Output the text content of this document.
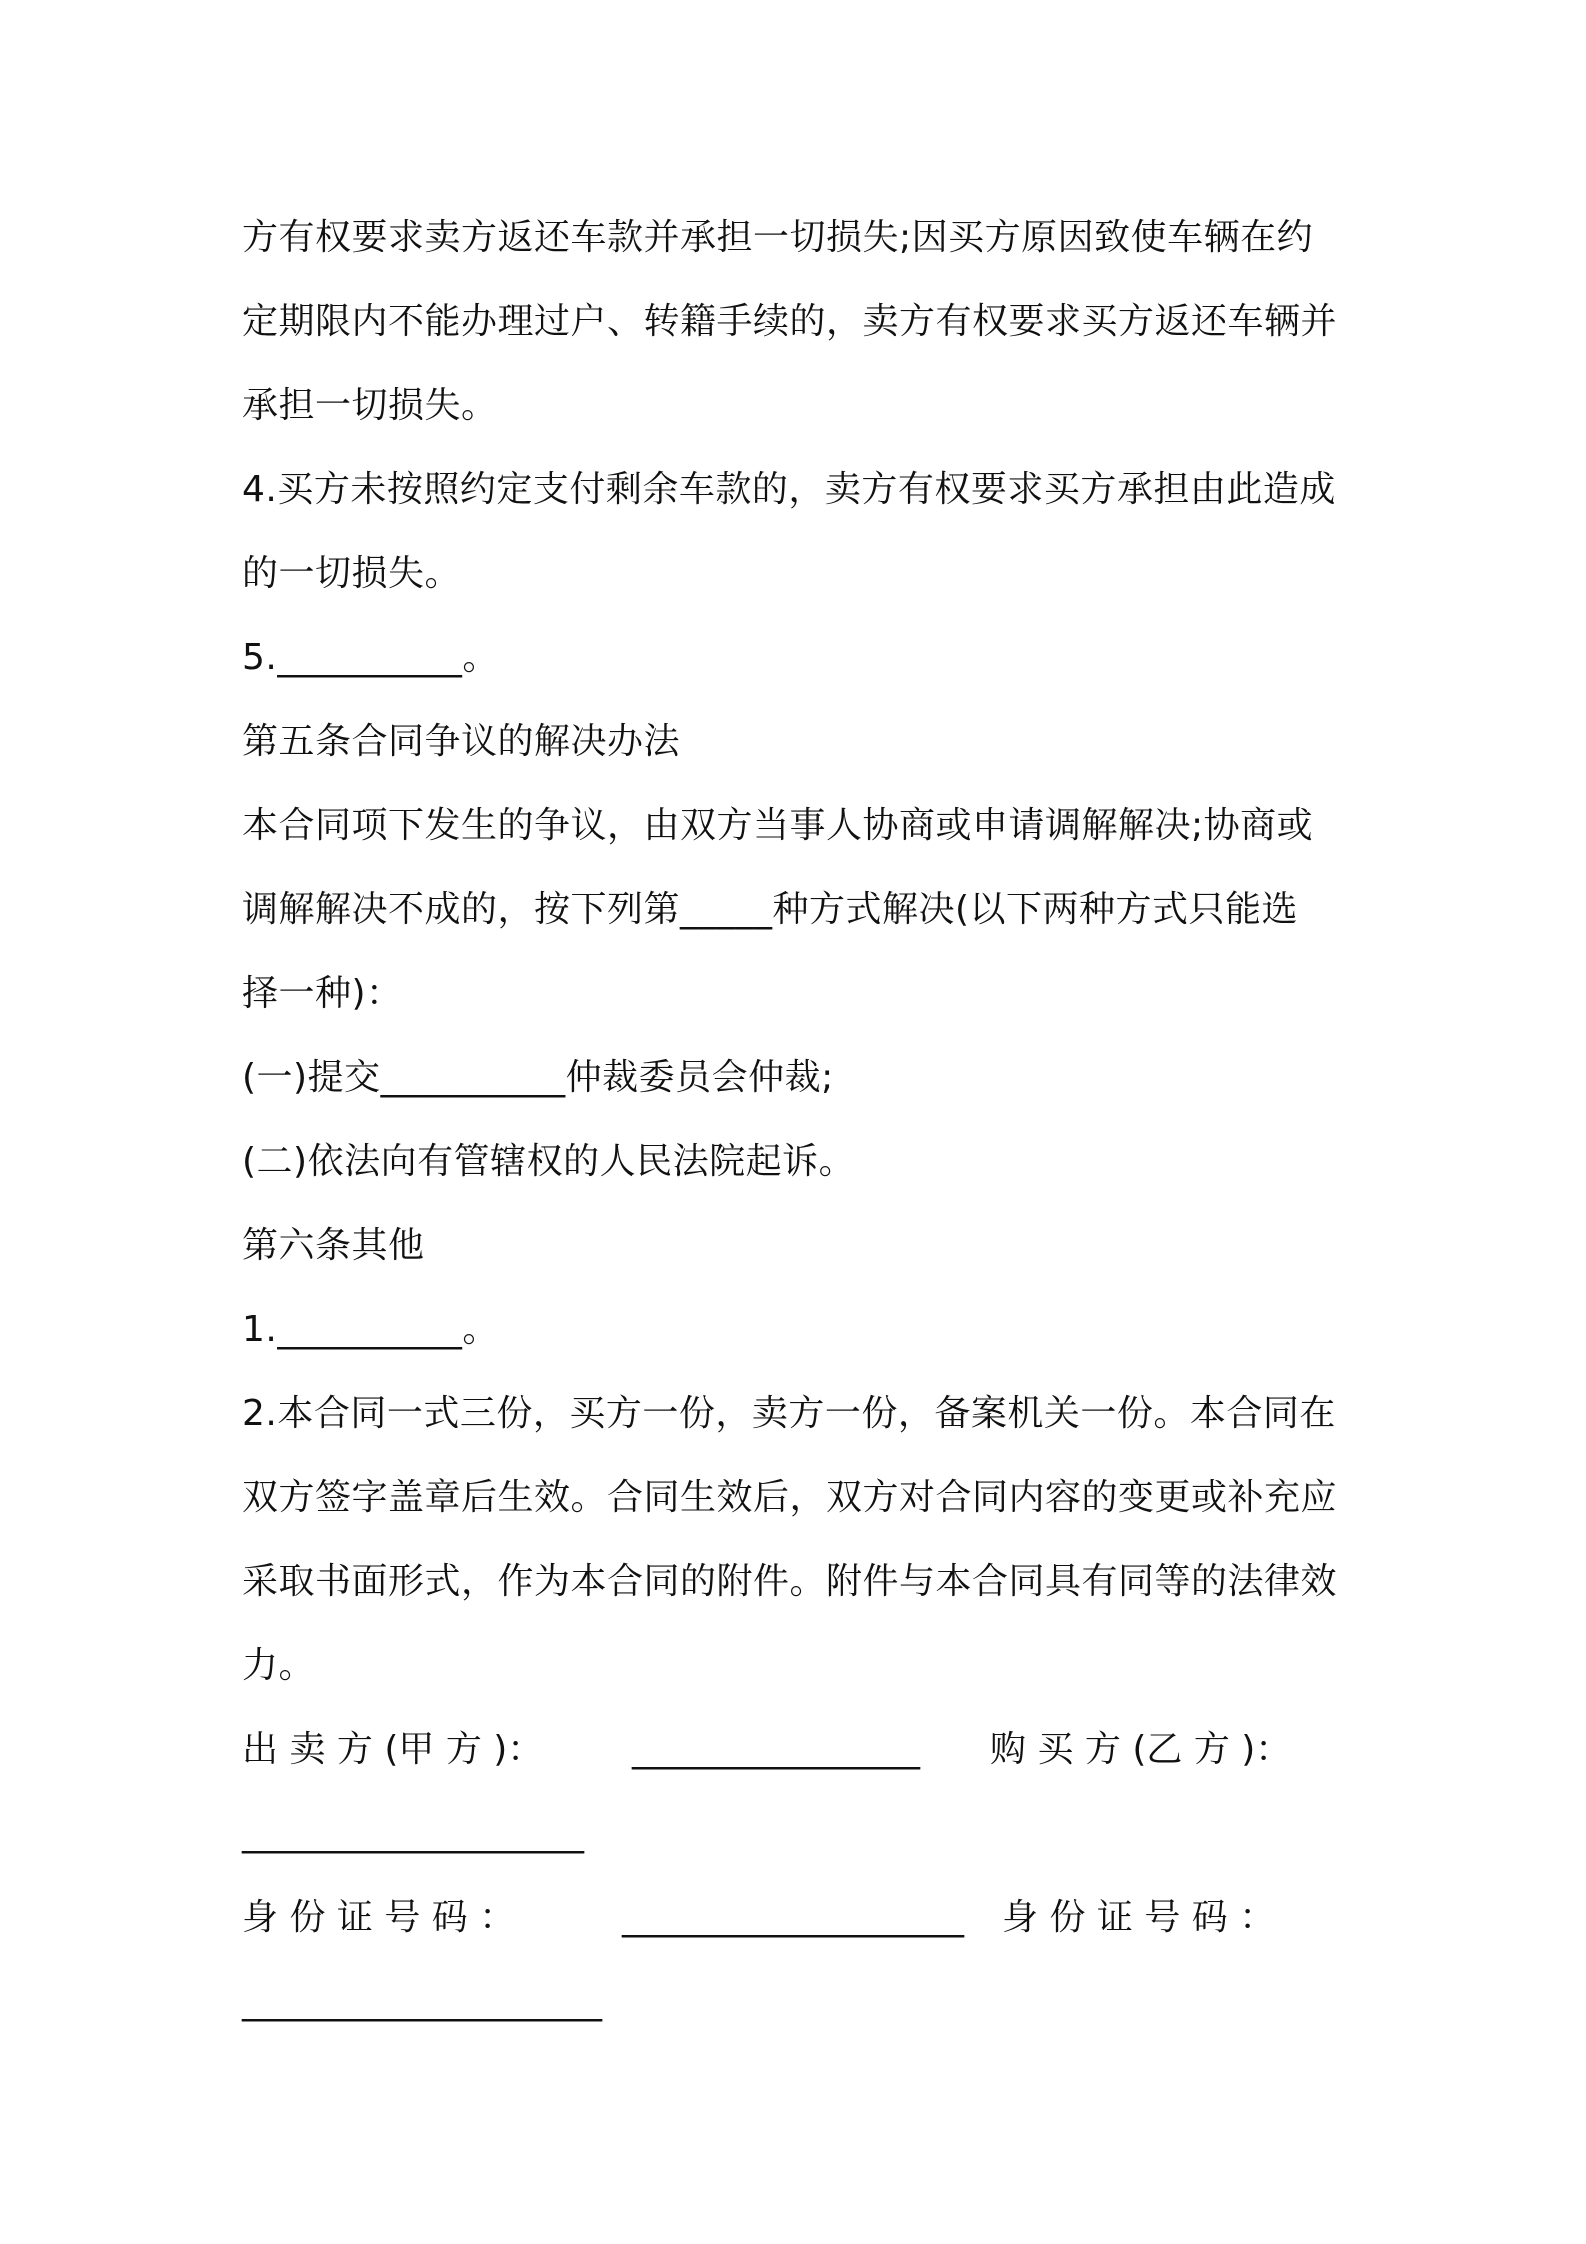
方有权要求卖方返还车款并承担一切损失;因买方原因致使车辆在约
定期限内不能办理过户、转籍手续的，卖方有权要求买方返还车辆并
承担一切损失。
4.买方未按照约定支付剩余车款的，卖方有权要求买方承担由此造成
的一切损失。
5.__________。
第五条合同争议的解决办法
本合同项下发生的争议，由双方当事人协商或申请调解解决;协商或
调解解决不成的，按下列第_____种方式解决(以下两种方式只能选
择一种)：
(一)提交__________仲裁委员会仲裁;
(二)依法向有管辖权的人民法院起诉。
第六条其他
1.__________。
2.本合同一式三份，买方一份，卖方一份，备案机关一份。本合同在
双方签字盖章后生效。合同生效后，双方对合同内容的变更或补充应
采取书面形式，作为本合同的附件。附件与本合同具有同等的法律效
力。
出 卖 方 (甲 方 )： ________________ 购 买 方 (乙 方 )：
___________________
身 份 证 号 码 ：	___________________ 身 份 证 号 码 ：
____________________
